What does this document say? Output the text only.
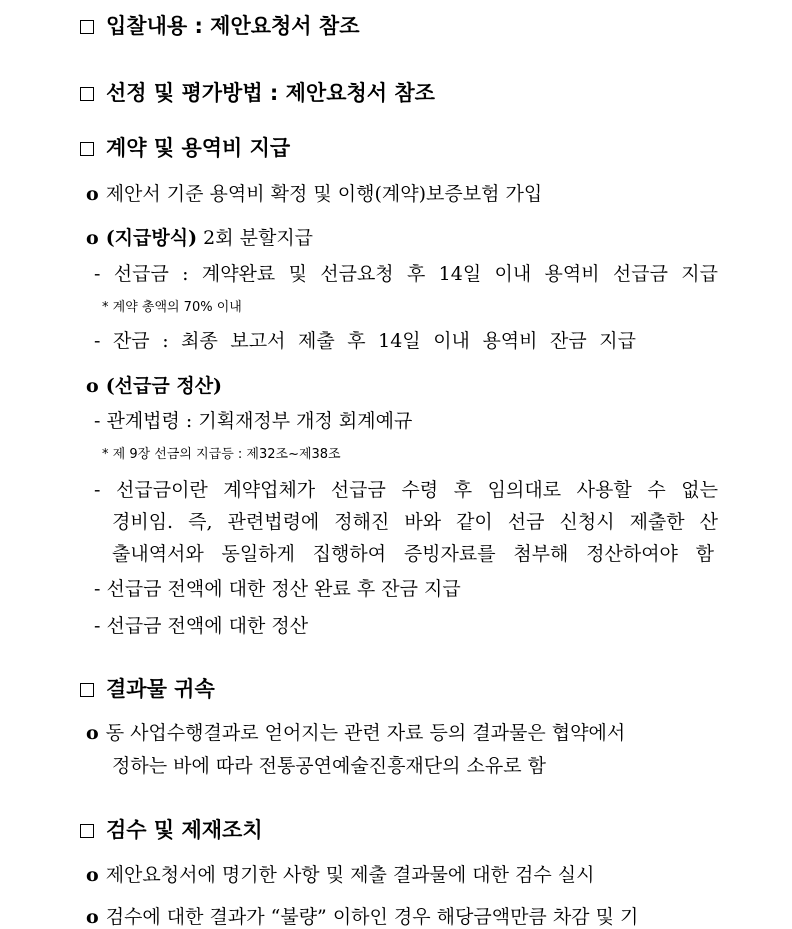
입찰내용 : 제안요청서 참조
선정 및 평가방법 : 제안요청서 참조
계약 및 용역비 지급
o 제안서 기준 용역비 확정 및 이행(계약)보증보험 가입
o (지급방식) 2회 분할지급
- 선급금 : 계약완료 및 선금요청 후 14일 이내 용역비 선급금 지급
* 계약 총액의 70% 이내
- 잔금 : 최종 보고서 제출 후 14일 이내 용역비 잔금 지급
o (선급금 정산)
- 관계법령 : 기획재정부 개정 회계예규
* 제 9장 선금의 지급등 : 제32조~제38조
- 선급금이란 계약업체가 선급금 수령 후 임의대로 사용할 수 없는
경비임. 즉, 관련법령에 정해진 바와 같이 선금 신청시 제출한 산
출내역서와 동일하게 집행하여 증빙자료를 첨부해 정산하여야 함
- 선급금 전액에 대한 정산 완료 후 잔금 지급
- 선급금 전액에 대한 정산
결과물 귀속
o 동 사업수행결과로 얻어지는 관련 자료 등의 결과물은 협약에서
정하는 바에 따라 전통공연예술진흥재단의 소유로 함
검수 및 제재조치
o 제안요청서에 명기한 사항 및 제출 결과물에 대한 검수 실시
o 검수에 대한 결과가 “불량” 이하인 경우 해당금액만큼 차감 및 기
